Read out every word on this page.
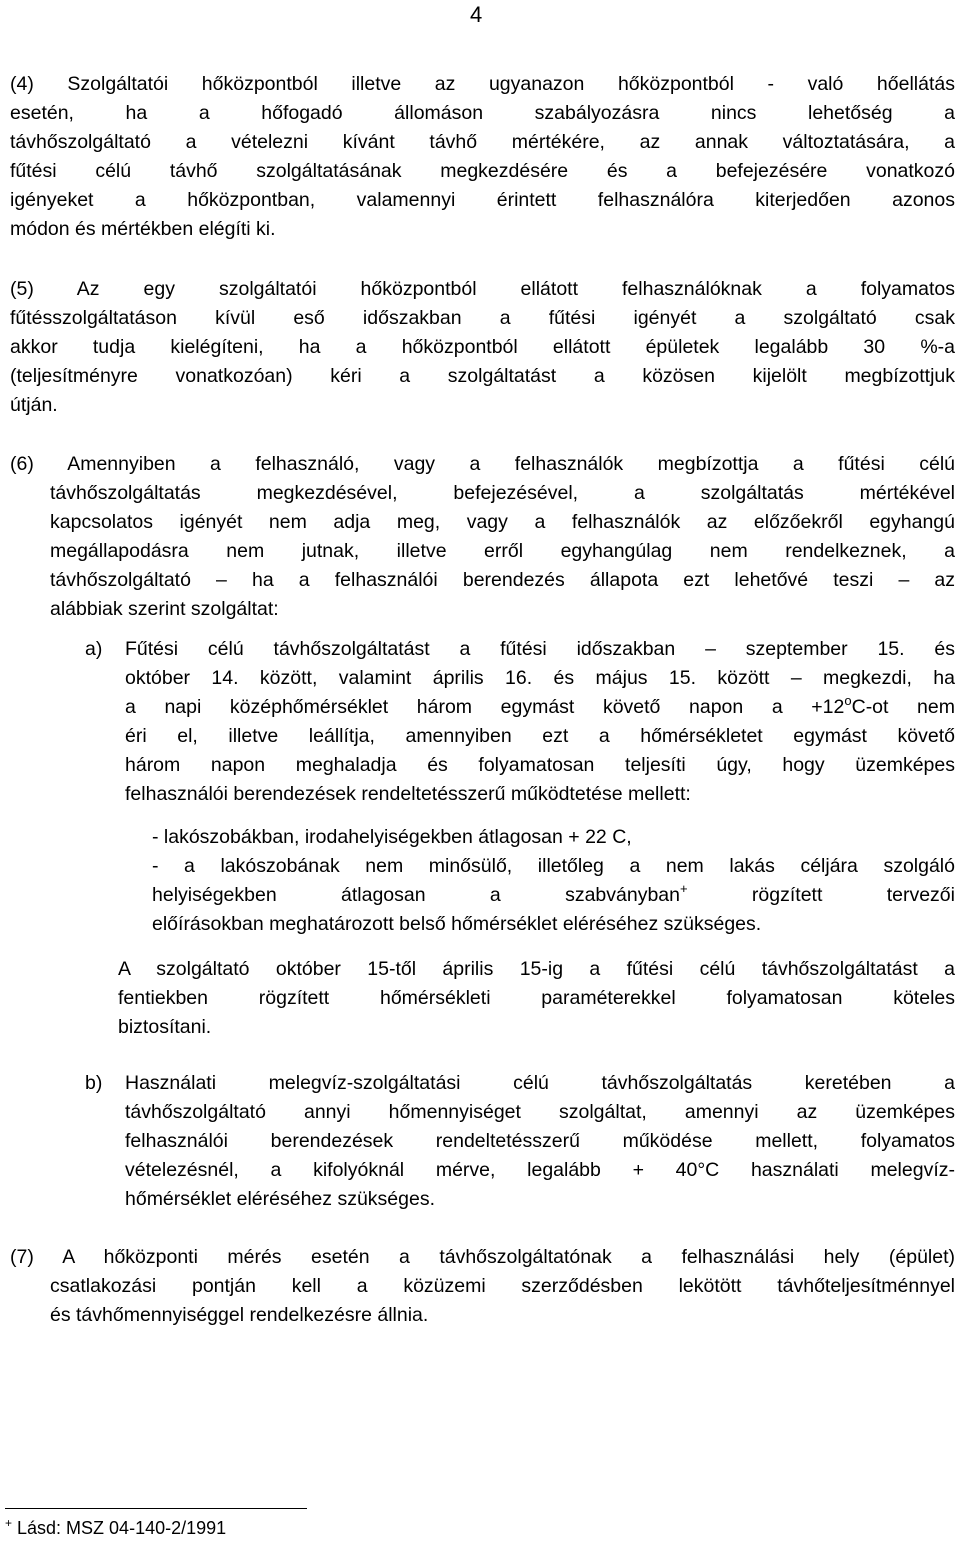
4

(4) Szolgáltatói hőközpontból illetve az ugyanazon hőközpontból - való hőellátás

esetén, ha a hőfogadó állomáson szabályozásra nincs lehetőség a

távhőszolgáltató a vételezni kívánt távhő mértékére, az annak változtatására, a

fűtési célú távhő szolgáltatásának megkezdésére és a befejezésére vonatkozó

igényeket a hőközpontban, valamennyi érintett felhasználóra kiterjedően azonos

módon és mértékben elégíti ki.

(5) Az egy szolgáltatói hőközpontból ellátott felhasználóknak a folyamatos

fűtésszolgáltatáson kívül eső időszakban a fűtési igényét a szolgáltató csak

akkor tudja kielégíteni, ha a hőközpontból ellátott épületek legalább 30 %-a

(teljesítményre vonatkozóan) kéri a szolgáltatást a közösen kijelölt megbízottjuk

útján.

(6) Amennyiben a felhasználó, vagy a felhasználók megbízottja a fűtési célú

távhőszolgáltatás megkezdésével, befejezésével, a szolgáltatás mértékével

kapcsolatos igényét nem adja meg, vagy a felhasználók az előzőekről egyhangú

megállapodásra nem jutnak, illetve erről egyhangúlag nem rendelkeznek, a

távhőszolgáltató – ha a felhasználói berendezés állapota ezt lehetővé teszi – az

alábbiak szerint szolgáltat:

a) Fűtési célú távhőszolgáltatást a fűtési időszakban – szeptember 15. és

október 14. között, valamint április 16. és május 15. között – megkezdi, ha

a napi középhőmérséklet három egymást követő napon $a +12^oC-ot$ nem

éri el, illetve leállítja, amennyiben ezt a hőmérsékletet egymást követő

három napon meghaladja és folyamatosan teljesíti úgy, hogy üzemképes

felhasználói berendezések rendeltetésszerű működtetése mellett:

- lakószobákban, irodahelyiségekben átlagosan + 22 C,

- a lakószobának nem minősülő, illetőleg a nem lakás céljára szolgáló

helyiségekben átlagosan a szabványban+ rögzített tervezői

előírásokban meghatározott belső hőmérséklet eléréséhez szükséges.

A szolgáltató október 15-től április 15-ig a fűtési célú távhőszolgáltatást a

fentiekben rögzített hőmérsékleti paraméterekkel folyamatosan köteles

biztosítani.

b) Használati melegvíz-szolgáltatási célú távhőszolgáltatás keretében a

távhőszolgáltató annyi hőmennyiséget szolgáltat, amennyi az üzemképes

felhasználói berendezések rendeltetésszerű működése mellett, folyamatos

vételezésnél, a kifolyóknál mérve, legalább + 40°C használati melegvíz-

hőmérséklet eléréséhez szükséges.

(7) A hőközponti mérés esetén a távhőszolgáltatónak a felhasználási hely (épület)

csatlakozási pontján kell a közüzemi szerződésben lekötött távhőteljesítménnyel

és távhőmennyiséggel rendelkezésre állnia.

+ Lásd: MSZ 04-140-2/1991
